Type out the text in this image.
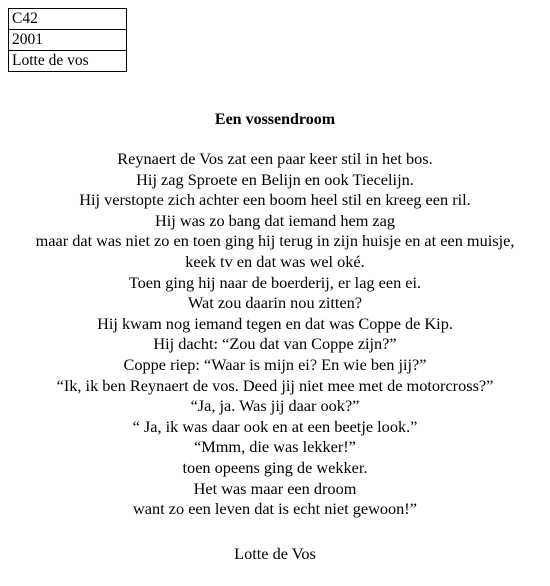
C42
2001
Lotte de vos
Een vossendroom
Reynaert de Vos zat een paar keer stil in het bos.
Hij zag Sproete en Belijn en ook Tiecelijn.
Hij verstopte zich achter een boom heel stil en kreeg een ril.
Hij was zo bang dat iemand hem zag
maar dat was niet zo en toen ging hij terug in zijn huisje en at een muisje,
keek tv en dat was wel oké.
Toen ging hij naar de boerderij, er lag een ei.
Wat zou daarin nou zitten?
Hij kwam nog iemand tegen en dat was Coppe de Kip.
Hij dacht: “Zou dat van Coppe zijn?”
Coppe riep: “Waar is mijn ei? En wie ben jij?”
“Ik, ik ben Reynaert de vos. Deed jij niet mee met de motorcross?”
“Ja, ja. Was jij daar ook?”
“ Ja, ik was daar ook en at een beetje look.”
“Mmm, die was lekker!”
toen opeens ging de wekker.
Het was maar een droom
want zo een leven dat is echt niet gewoon!”
Lotte de Vos
